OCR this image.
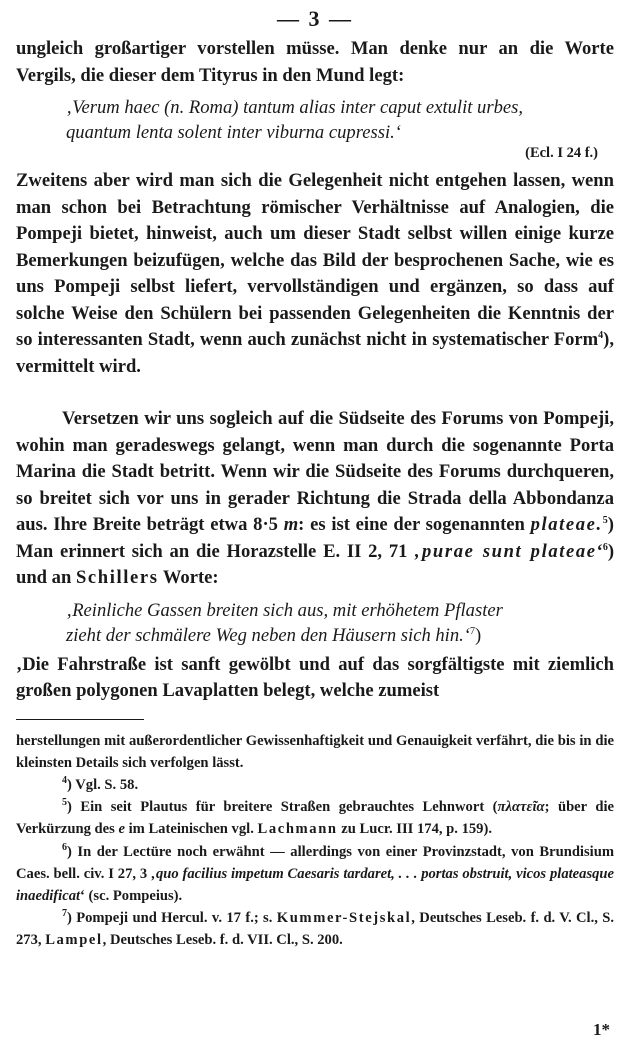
— 3 —

ungleich großartiger vorstellen müsse. Man denke nur an die Worte Vergils, die dieser dem Tityrus in den Mund legt:

‚Verum haec (n. Roma) tantum alias inter caput extulit urbes,
quantum lenta solent inter viburna cupressi.‘
(Ecl. I 24 f.)

Zweitens aber wird man sich die Gelegenheit nicht entgehen lassen, wenn man schon bei Betrachtung römischer Verhältnisse auf Analogien, die Pompeji bietet, hinweist, auch um dieser Stadt selbst willen einige kurze Bemerkungen beizufügen, welche das Bild der besprochenen Sache, wie es uns Pompeji selbst liefert, vervollständigen und ergänzen, so dass auf solche Weise den Schülern bei passenden Gelegenheiten die Kenntnis der so interessanten Stadt, wenn auch zunächst nicht in systematischer Form$^4$), vermittelt wird.

Versetzen wir uns sogleich auf die Südseite des Forums von Pompeji, wohin man geradeswegs gelangt, wenn man durch die sogenannte Porta Marina die Stadt betritt. Wenn wir die Südseite des Forums durchqueren, so breitet sich vor uns in gerader Richtung die Strada della Abbondanza aus. Ihre Breite beträgt etwa 8·5 m: es ist eine der sogenannten plateae.$^5$) Man erinnert sich an die Horazstelle E. II 2, 71 ‚purae sunt plateae‘$^6$) und an Schillers Worte:

‚Reinliche Gassen breiten sich aus, mit erhöhetem Pflaster
zieht der schmälere Weg neben den Häusern sich hin.‘$^7$)

‚Die Fahrstraße ist sanft gewölbt und auf das sorgfältigste mit ziemlich großen polygonen Lavaplatten belegt, welche zumeist

herstellungen mit außerordentlicher Gewissenhaftigkeit und Genauigkeit verfährt, die bis in die kleinsten Details sich verfolgen lässt.

$^4$) Vgl. S. 58.

$^5$) Ein seit Plautus für breitere Straßen gebrauchtes Lehnwort (πλατεῖα; über die Verkürzung des e im Lateinischen vgl. Lachmann zu Lucr. III 174, p. 159).

$^6$) In der Lectüre noch erwähnt — allerdings von einer Provinzstadt, von Brundisium Caes. bell. civ. I 27, 3 ‚quo facilius impetum Caesaris tardaret, . . . portas obstruit, vicos plateasque inaedificat‘ (sc. Pompeius).

$^7$) Pompeji und Hercul. v. 17 f.; s. Kummer-Stejskal, Deutsches Leseb. f. d. V. Cl., S. 273, Lampel, Deutsches Leseb. f. d. VII. Cl., S. 200.

1*
